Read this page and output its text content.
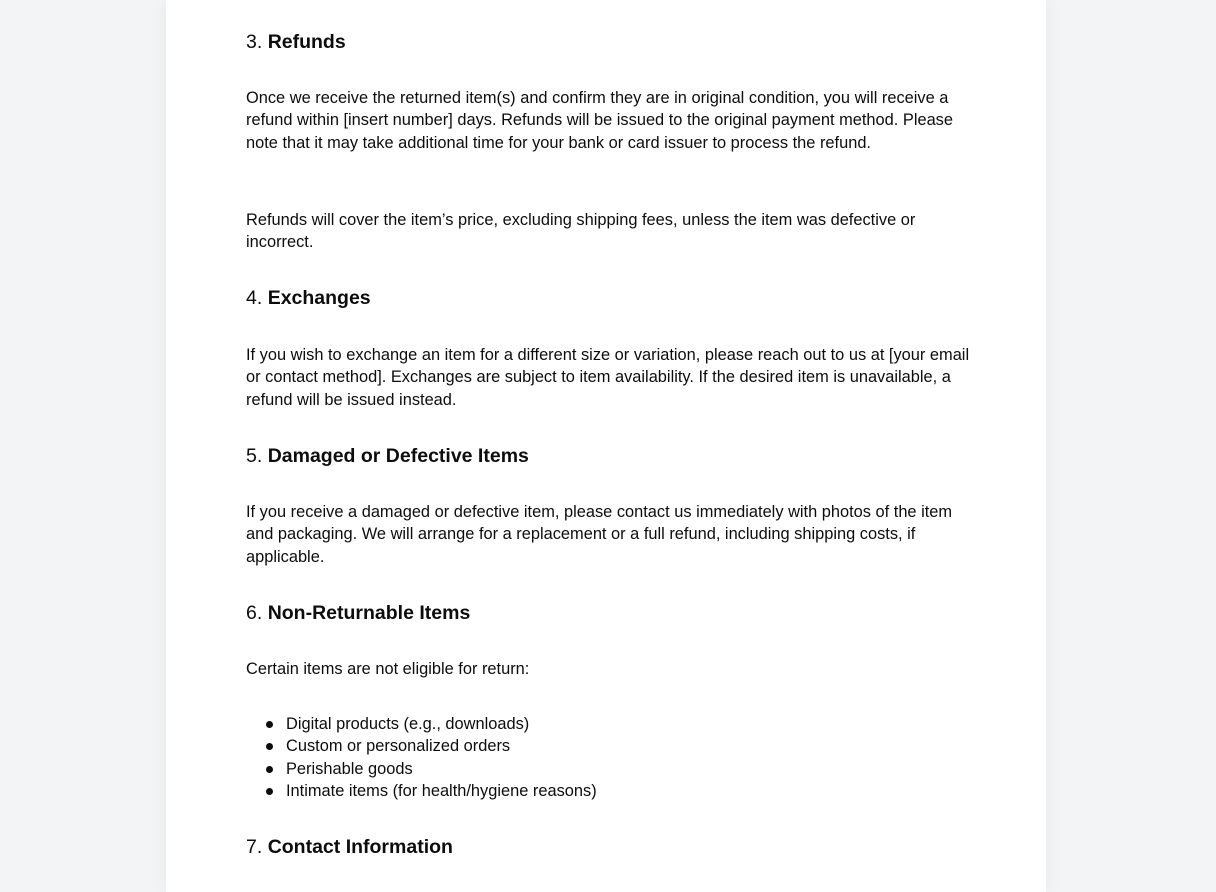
3. Refunds

Once we receive the returned item(s) and confirm they are in original condition, you will receive a refund within [insert number] days. Refunds will be issued to the original payment method. Please note that it may take additional time for your bank or card issuer to process the refund.

Refunds will cover the item’s price, excluding shipping fees, unless the item was defective or incorrect.

4. Exchanges

If you wish to exchange an item for a different size or variation, please reach out to us at [your email or contact method]. Exchanges are subject to item availability. If the desired item is unavailable, a refund will be issued instead.

5. Damaged or Defective Items

If you receive a damaged or defective item, please contact us immediately with photos of the item and packaging. We will arrange for a replacement or a full refund, including shipping costs, if applicable.

6. Non-Returnable Items

Certain items are not eligible for return:

Digital products (e.g., downloads)
Custom or personalized orders
Perishable goods
Intimate items (for health/hygiene reasons)
7. Contact Information
